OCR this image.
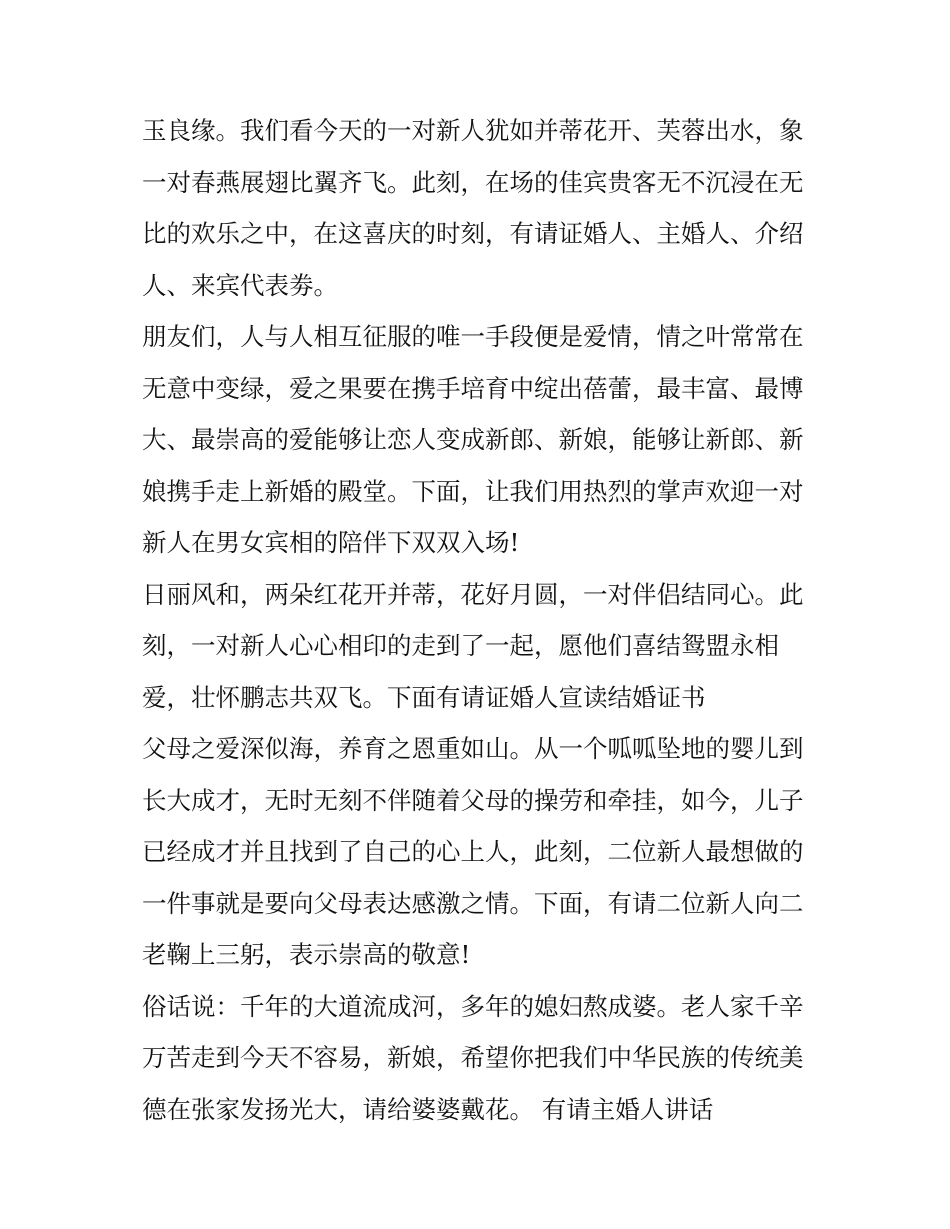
玉良缘。我们看今天的一对新人犹如并蒂花开、芙蓉出水，象
一对春燕展翅比翼齐飞。此刻，在场的佳宾贵客无不沉浸在无
比的欢乐之中，在这喜庆的时刻，有请证婚人、主婚人、介绍
人、来宾代表劵。
朋友们，人与人相互征服的唯一手段便是爱情，情之叶常常在
无意中变绿，爱之果要在携手培育中绽出蓓蕾，最丰富、最博
大、最崇高的爱能够让恋人变成新郎、新娘，能够让新郎、新
娘携手走上新婚的殿堂。下面，让我们用热烈的掌声欢迎一对
新人在男女宾相的陪伴下双双入场!
日丽风和，两朵红花开并蒂，花好月圆，一对伴侣结同心。此
刻，一对新人心心相印的走到了一起，愿他们喜结鸳盟永相
爱，壮怀鹏志共双飞。下面有请证婚人宣读结婚证书
父母之爱深似海，养育之恩重如山。从一个呱呱坠地的婴儿到
长大成才，无时无刻不伴随着父母的操劳和牵挂，如今，儿子
已经成才并且找到了自己的心上人，此刻，二位新人最想做的
一件事就是要向父母表达感激之情。下面，有请二位新人向二
老鞠上三躬，表示崇高的敬意!
俗话说：千年的大道流成河，多年的媳妇熬成婆。老人家千辛
万苦走到今天不容易，新娘，希望你把我们中华民族的传统美
德在张家发扬光大，请给婆婆戴花。 有请主婚人讲话
